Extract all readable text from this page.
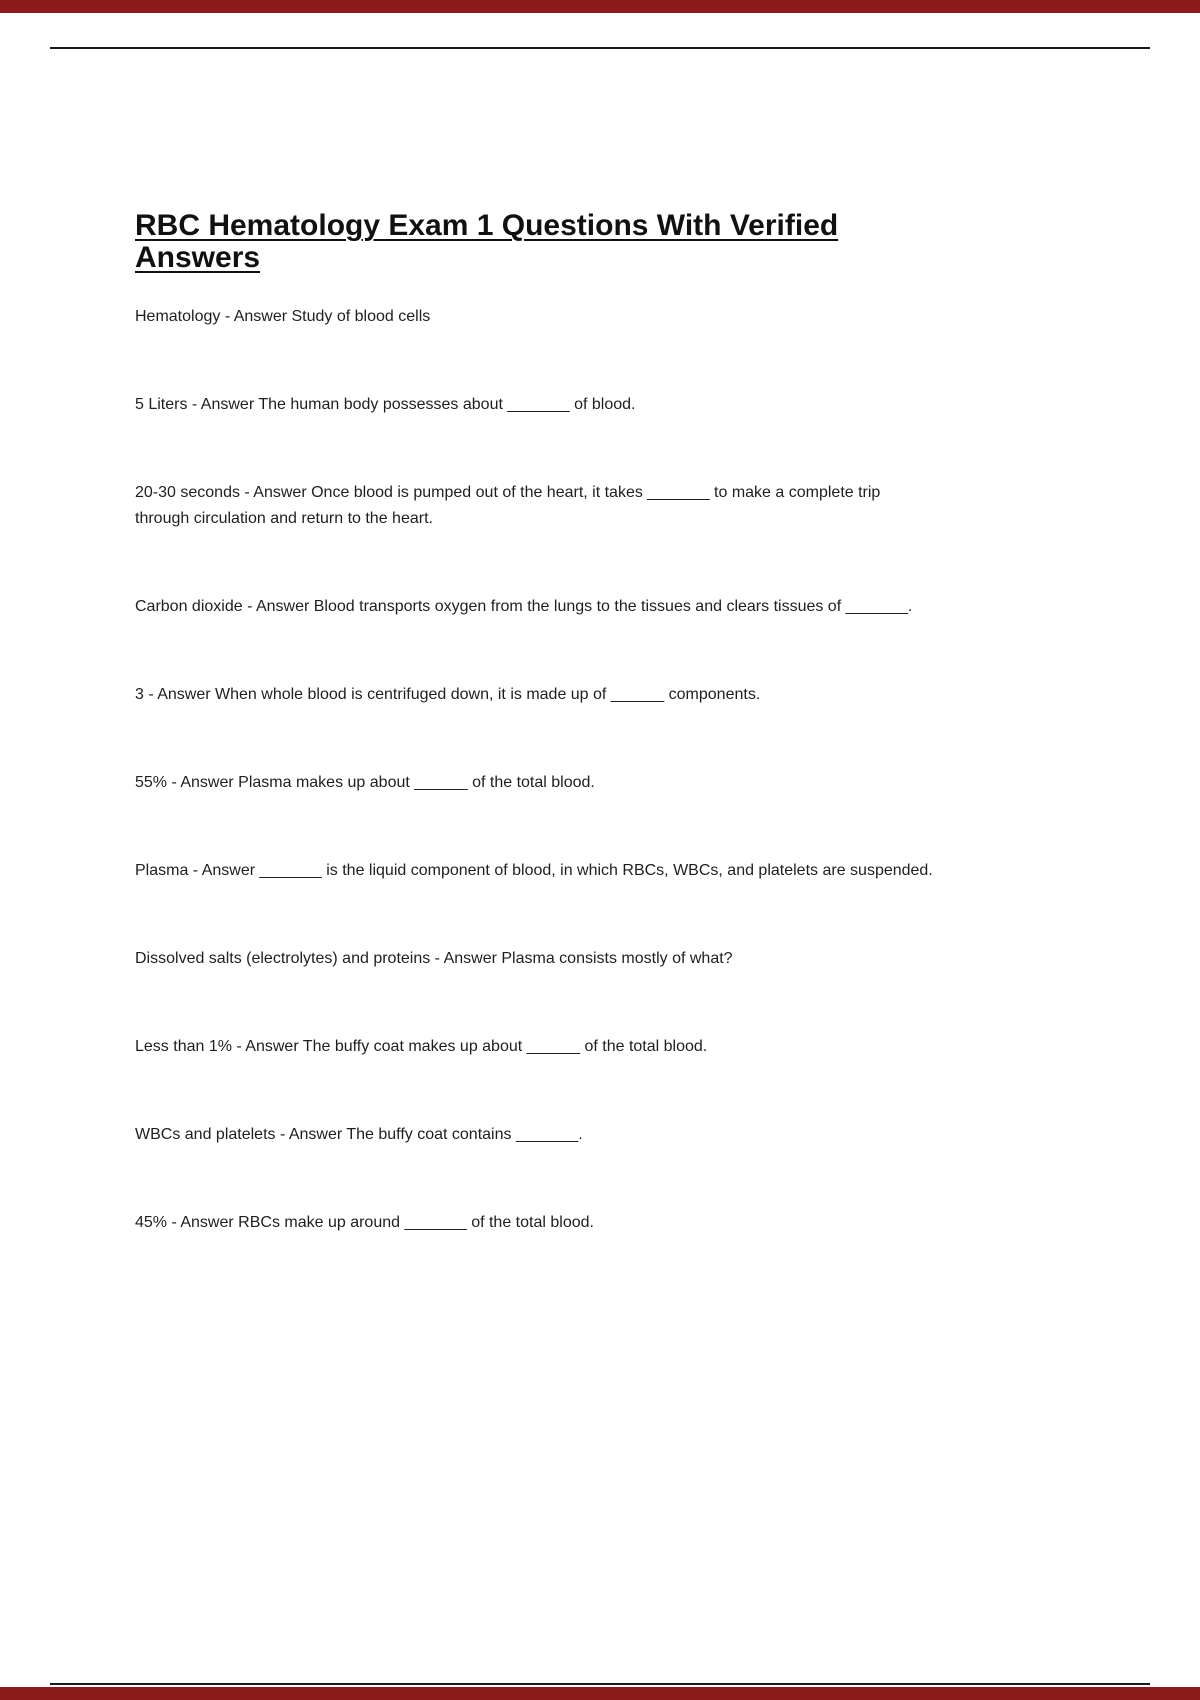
RBC Hematology Exam 1 Questions With Verified Answers

Hematology - Answer Study of blood cells

5 Liters - Answer The human body possesses about _______ of blood.

20-30 seconds - Answer Once blood is pumped out of the heart, it takes _______ to make a complete trip through circulation and return to the heart.

Carbon dioxide - Answer Blood transports oxygen from the lungs to the tissues and clears tissues of _______.

3 - Answer When whole blood is centrifuged down, it is made up of ______ components.

55% - Answer Plasma makes up about ______ of the total blood.

Plasma - Answer _______ is the liquid component of blood, in which RBCs, WBCs, and platelets are suspended.

Dissolved salts (electrolytes) and proteins - Answer Plasma consists mostly of what?

Less than 1% - Answer The buffy coat makes up about ______ of the total blood.

WBCs and platelets - Answer The buffy coat contains _______.

45% - Answer RBCs make up around _______ of the total blood.
